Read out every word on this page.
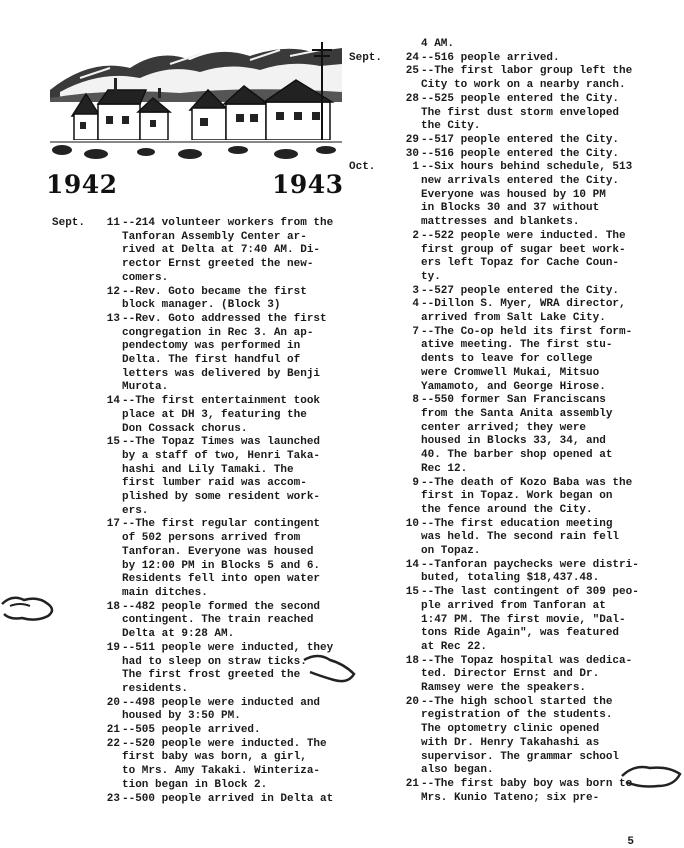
1942	1943
Sept.	11 --214 volunteer workers from the
Tanforan Assembly Center ar-
rived at Delta at 7:40 AM. Di-
rector Ernst greeted the new-
comers.
12 --Rev. Goto became the first
block manager. (Block 3)
13 --Rev. Goto addressed the first
congregation in Rec 3. An ap-
pendectomy was performed in
Delta. The first handful of
letters was delivered by Benji
Murota.
14 --The first entertainment took
place at DH 3, featuring the
Don Cossack chorus.
15 --The Topaz Times was launched
by a staff of two, Henri Taka-
hashi and Lily Tamaki. The
first lumber raid was accom-
plished by some resident work-
ers.
17 --The first regular contingent
of 502 persons arrived from
Tanforan. Everyone was housed
by 12:00 PM in Blocks 5 and 6.
Residents fell into open water
main ditches.
18 --482 people formed the second
contingent. The train reached
Delta at 9:28 AM.
19 --511 people were inducted, they
had to sleep on straw ticks.
The first frost greeted the
residents.
20 --498 people were inducted and
housed by 3:50 PM.
21 --505 people arrived.
22 --520 people were inducted. The
first baby was born, a girl,
to Mrs. Amy Takaki. Winteriza-
tion began in Block 2.
23 --500 people arrived in Delta at
4 AM.
Sept.	24 --516 people arrived.
25 --The first labor group left the
City to work on a nearby ranch.
28 --525 people entered the City.
The first dust storm enveloped
the City.
29 --517 people entered the City.
30 --516 people entered the City.
Oct.	1 --Six hours behind schedule, 513
new arrivals entered the City.
Everyone was housed by 10 PM
in Blocks 30 and 37 without
mattresses and blankets.
2 --522 people were inducted. The
first group of sugar beet work-
ers left Topaz for Cache Coun-
ty.
3 --527 people entered the City.
4 --Dillon S. Myer, WRA director,
arrived from Salt Lake City.
7 --The Co-op held its first form-
ative meeting. The first stu-
dents to leave for college
were Cromwell Mukai, Mitsuo
Yamamoto, and George Hirose.
8 --550 former San Franciscans
from the Santa Anita assembly
center arrived; they were
housed in Blocks 33, 34, and
40. The barber shop opened at
Rec 12.
9 --The death of Kozo Baba was the
first in Topaz. Work began on
the fence around the City.
10 --The first education meeting
was held. The second rain fell
on Topaz.
14 --Tanforan paychecks were distri-
buted, totaling $18,437.48.
15 --The last contingent of 309 peo-
ple arrived from Tanforan at
1:47 PM. The first movie, "Dal-
tons Ride Again", was featured
at Rec 22.
18 --The Topaz hospital was dedica-
ted. Director Ernst and Dr.
Ramsey were the speakers.
20 --The high school started the
registration of the students.
The optometry clinic opened
with Dr. Henry Takahashi as
supervisor. The grammar school
also began.
21 --The first baby boy was born to
Mrs. Kunio Tateno; six pre-
5
